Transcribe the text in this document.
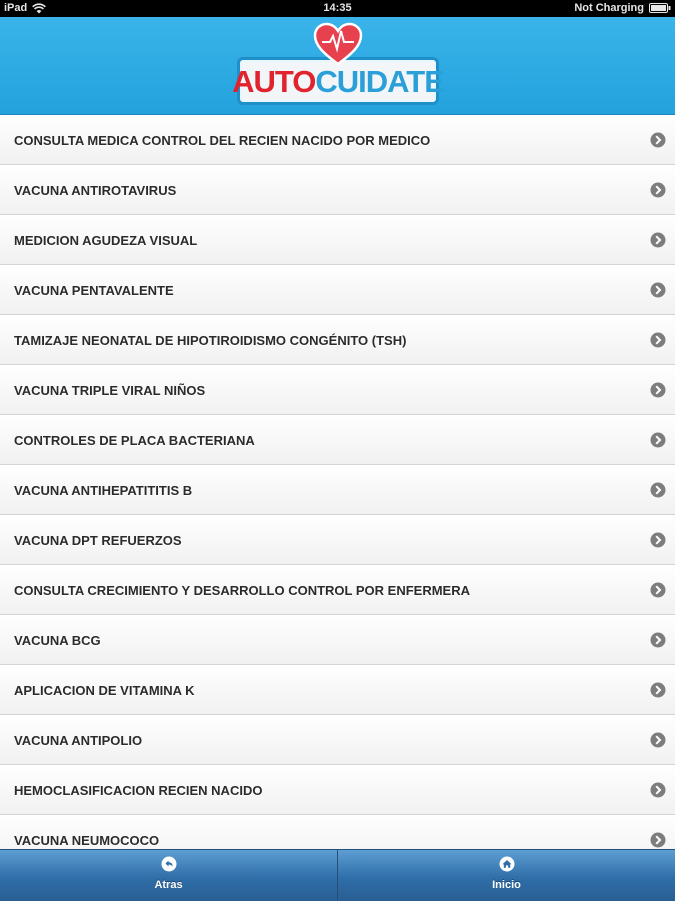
iPad	14:35	Not Charging
AUTOCUIDATE
CONSULTA MEDICA CONTROL DEL RECIEN NACIDO POR MEDICO
VACUNA ANTIROTAVIRUS
MEDICION AGUDEZA VISUAL
VACUNA PENTAVALENTE
TAMIZAJE NEONATAL DE HIPOTIROIDISMO CONGÉNITO (TSH)
VACUNA TRIPLE VIRAL NIÑOS
CONTROLES DE PLACA BACTERIANA
VACUNA ANTIHEPATITITIS B
VACUNA DPT REFUERZOS
CONSULTA CRECIMIENTO Y DESARROLLO CONTROL POR ENFERMERA
VACUNA BCG
APLICACION DE VITAMINA K
VACUNA ANTIPOLIO
HEMOCLASIFICACION RECIEN NACIDO
VACUNA NEUMOCOCO
Atras	Inicio
